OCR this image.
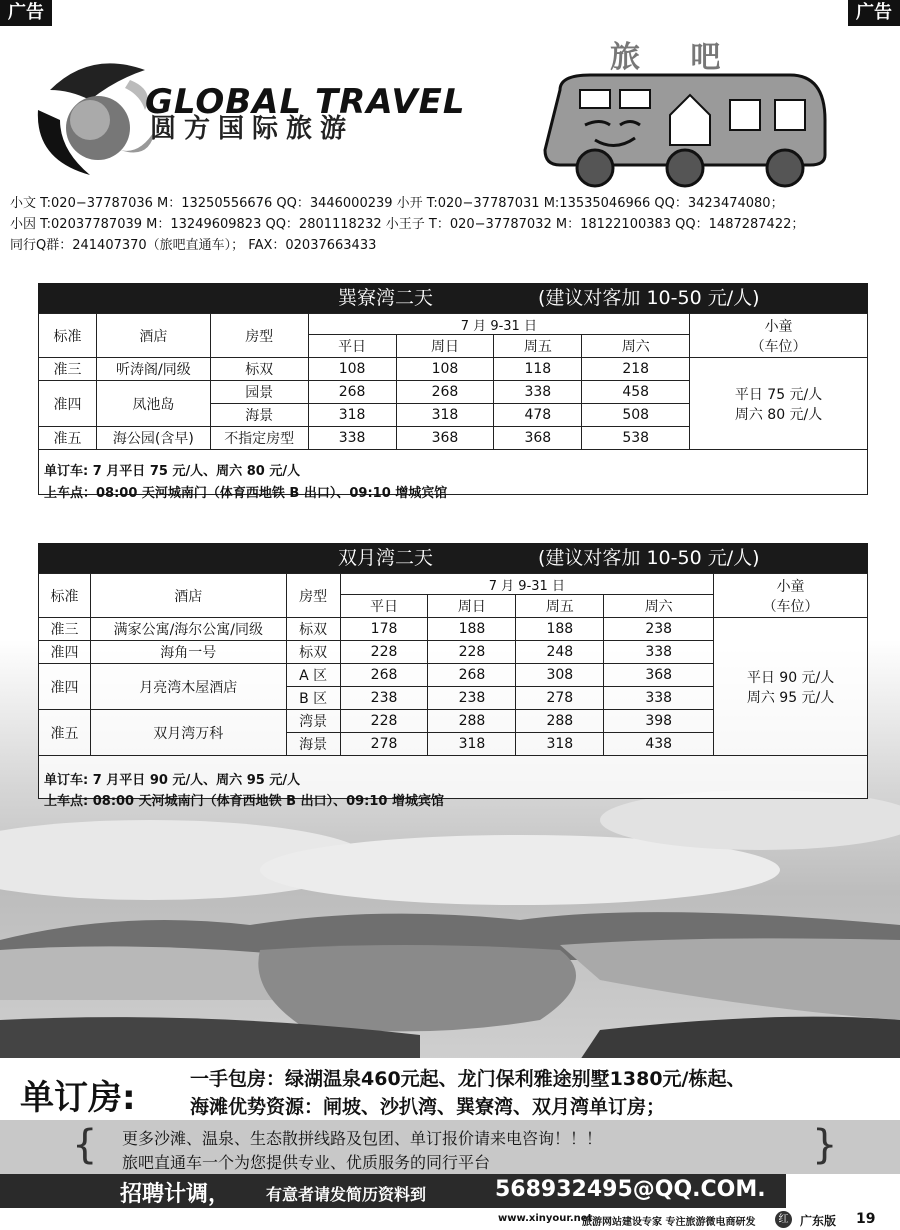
广告	广告
GLOBAL TRAVEL
圆方国际旅游
旅 吧
小文 T:020−37787036 M：13250556676 QQ：3446000239 小开 T:020−37787031 M:13535046966 QQ：3423474080；
小因 T:02037787039 M：13249609823 QQ：2801118232 小王子 T：020−37787032 M：18122100383 QQ：1487287422；
同行Q群：241407370（旅吧直通车）； FAX：02037663433
巽寮湾二天	(建议对客加 10-50 元/人)
标准	酒店	房型	7 月 9-31 日				小童
（车位）

			平日	周日	周五	周六	
准三	听涛阁/同级	标双	108	108	118	218	平日 75 元/人
周六 80 元/人

准四	凤池岛	园景	268	268	338	458	
		海景	318	318	478	508	
准五	海公园(含早)	不指定房型	338	368	368	538	

单订车: 7 月平日 75 元/人、周六 80 元/人
上车点：08:00 天河城南门（体育西地铁 B 出口）、09:10 增城宾馆
双月湾二天	(建议对客加 10-50 元/人)
标准	酒店	房型	7 月 9-31 日				小童
（车位）

			平日	周日	周五	周六	
准三	满家公寓/海尔公寓/同级	标双	178	188	188	238	平日 90 元/人
周六 95 元/人

准四	海角一号	标双	228	228	248	338	
准四	月亮湾木屋酒店	A 区	268	268	308	368	
		B 区	238	238	278	338	
准五	双月湾万科	湾景	228	288	288	398	
		海景	278	318	318	438	

单订车: 7 月平日 90 元/人、周六 95 元/人
上车点: 08:00 天河城南门（体育西地铁 B 出口）、09:10 增城宾馆
单订房:	一手包房：绿湖温泉460元起、龙门保利雅途别墅1380元/栋起、
海滩优势资源：闸坡、沙扒湾、巽寮湾、双月湾单订房；
{ 更多沙滩、温泉、生态散拼线路及包团、单订报价请来电咨询！！！
旅吧直通车一个为您提供专业、优质服务的同行平台	}
招聘计调， 有意者请发简历资料到	568932495@QQ.COM.
www.xinyour.net
旅游网站建设专家 专注旅游微电商研发	红 广东版 19
